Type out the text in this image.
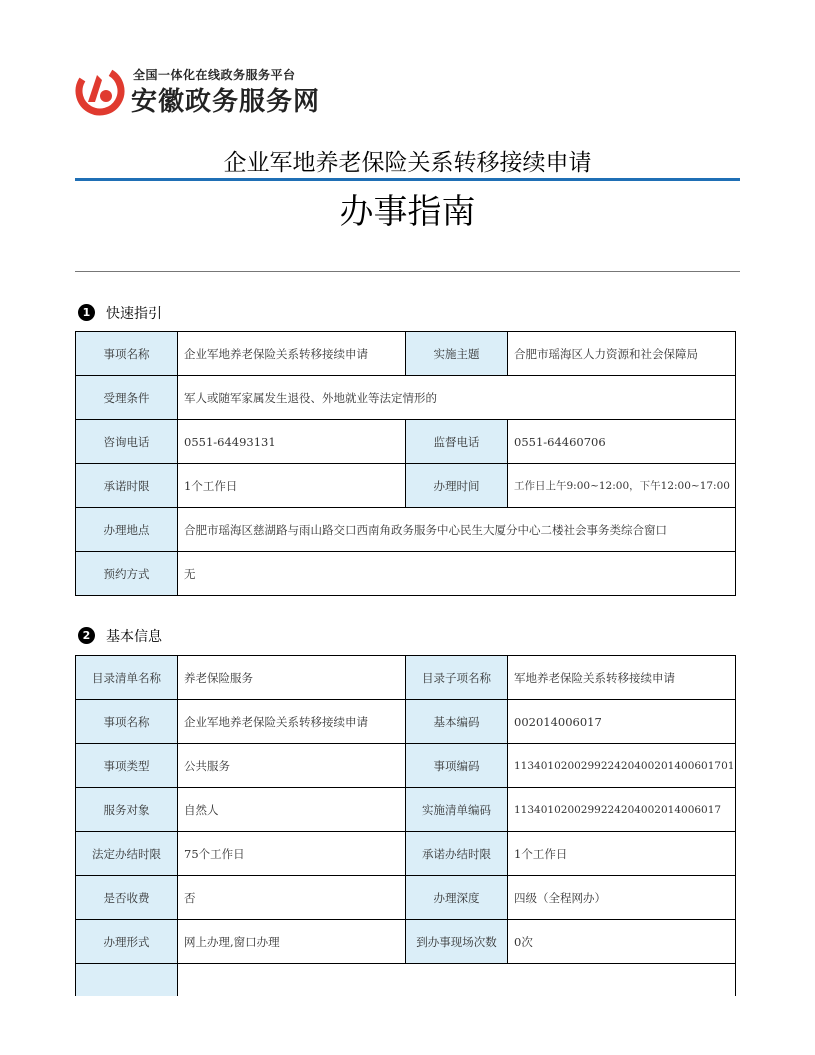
全国一体化在线政务服务平台
安徽政务服务网
企业军地养老保险关系转移接续申请
办事指南
1	快速指引
事项名称	企业军地养老保险关系转移接续申请	实施主题	合肥市瑶海区人力资源和社会保障局
受理条件	军人或随军家属发生退役、外地就业等法定情形的		
咨询电话	0551-64493131	监督电话	0551-64460706
承诺时限	1个工作日	办理时间	工作日上午9:00~12:00，下午12:00~17:00
办理地点	合肥市瑶海区慈湖路与雨山路交口西南角政务服务中心民生大厦分中心二楼社会事务类综合窗口		
预约方式	无		
2	基本信息
目录清单名称	养老保险服务	目录子项名称	军地养老保险关系转移接续申请
事项名称	企业军地养老保险关系转移接续申请	基本编码	002014006017
事项类型	公共服务	事项编码	113401020029922420400201400601701
服务对象	自然人	实施清单编码	1134010200299224204002014006017
法定办结时限	75个工作日	承诺办结时限	1个工作日
是否收费	否	办理深度	四级（全程网办）
办理形式	网上办理,窗口办理	到办事现场次数	0次
